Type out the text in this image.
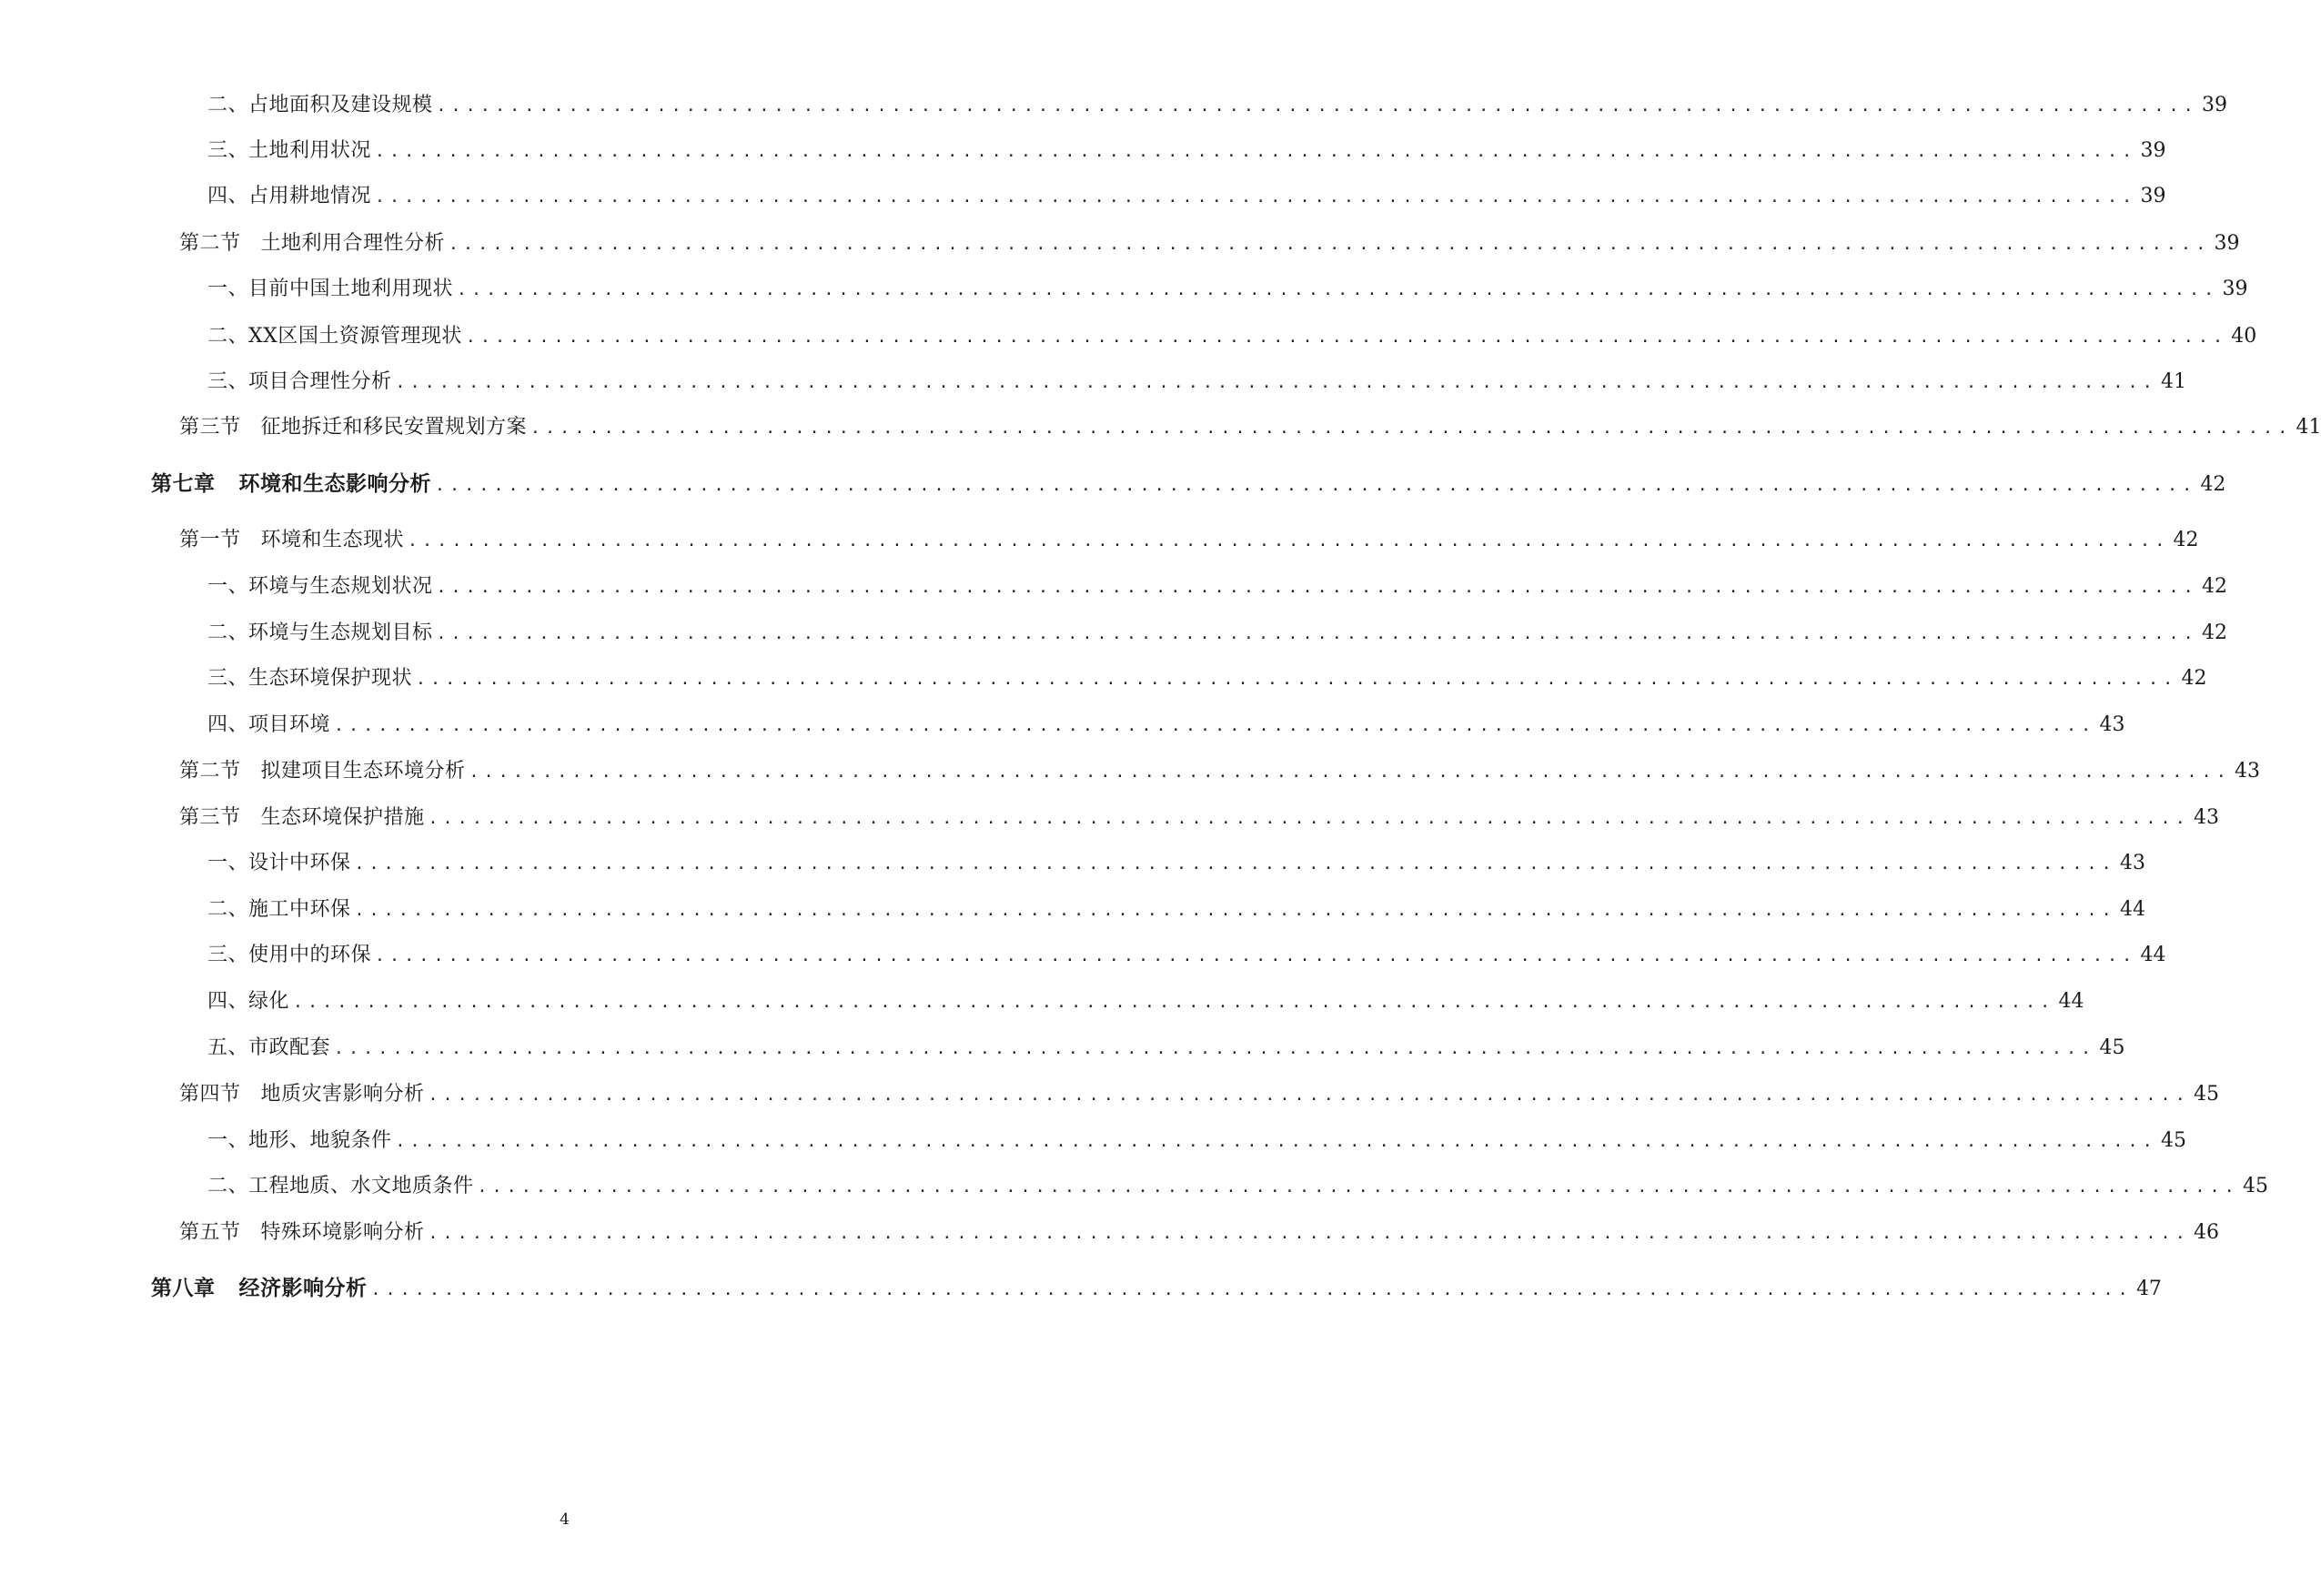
二、占地面积及建设规模 ........................................................................................................................ 39
三、土地利用状况 ........................................................................................................................ 39
四、占用耕地情况 ........................................................................................................................ 39
第二节 土地利用合理性分析 ........................................................................................................................ 39
一、目前中国土地利用现状 ........................................................................................................................ 39
二、XX区国土资源管理现状 ........................................................................................................................ 40
三、项目合理性分析 ........................................................................................................................ 41
第三节 征地拆迁和移民安置规划方案 ........................................................................................................................ 41
第七章 环境和生态影响分析 ........................................................................................................................ 42
第一节 环境和生态现状 ........................................................................................................................ 42
一、环境与生态规划状况 ........................................................................................................................ 42
二、环境与生态规划目标 ........................................................................................................................ 42
三、生态环境保护现状 ........................................................................................................................ 42
四、项目环境 ........................................................................................................................ 43
第二节 拟建项目生态环境分析 ........................................................................................................................ 43
第三节 生态环境保护措施 ........................................................................................................................ 43
一、设计中环保 ........................................................................................................................ 43
二、施工中环保 ........................................................................................................................ 44
三、使用中的环保 ........................................................................................................................ 44
四、绿化 ........................................................................................................................ 44
五、市政配套 ........................................................................................................................ 45
第四节 地质灾害影响分析 ........................................................................................................................ 45
一、地形、地貌条件 ........................................................................................................................ 45
二、工程地质、水文地质条件 ........................................................................................................................ 45
第五节 特殊环境影响分析 ........................................................................................................................ 46
第八章 经济影响分析 ........................................................................................................................ 47
4
